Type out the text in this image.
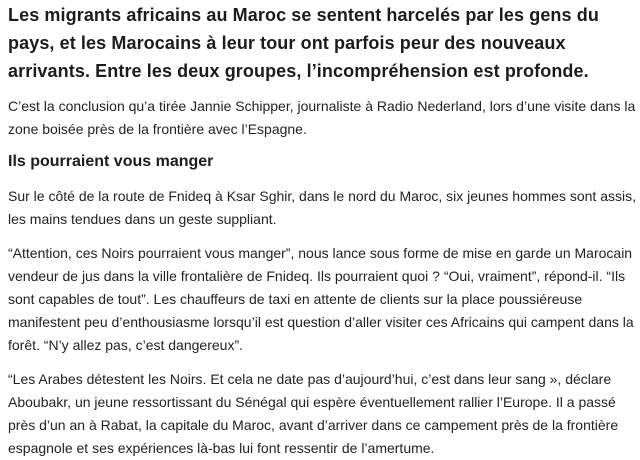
Les migrants africains au Maroc se sentent harcelés par les gens du pays, et les Marocains à leur tour ont parfois peur des nouveaux arrivants. Entre les deux groupes, l’incompréhension est profonde.

C’est la conclusion qu’a tirée Jannie Schipper, journaliste à Radio Nederland, lors d’une visite dans la zone boisée près de la frontière avec l’Espagne.

Ils pourraient vous manger

Sur le côté de la route de Fnideq à Ksar Sghir, dans le nord du Maroc, six jeunes hommes sont assis, les mains tendues dans un geste suppliant.

“Attention, ces Noirs pourraient vous manger”, nous lance sous forme de mise en garde un Marocain vendeur de jus dans la ville frontalière de Fnideq. Ils pourraient quoi ? “Oui, vraiment”, répond-il. “Ils sont capables de tout”. Les chauffeurs de taxi en attente de clients sur la place poussiéreuse manifestent peu d’enthousiasme lorsqu’il est question d’aller visiter ces Africains qui campent dans la forêt. “N’y allez pas, c’est dangereux”.

“Les Arabes détestent les Noirs. Et cela ne date pas d’aujourd’hui, c’est dans leur sang », déclare Aboubakr, un jeune ressortissant du Sénégal qui espère éventuellement rallier l’Europe. Il a passé près d’un an à Rabat, la capitale du Maroc, avant d’arriver dans ce campement près de la frontière espagnole et ses expériences là-bas lui font ressentir de l’amertume.
